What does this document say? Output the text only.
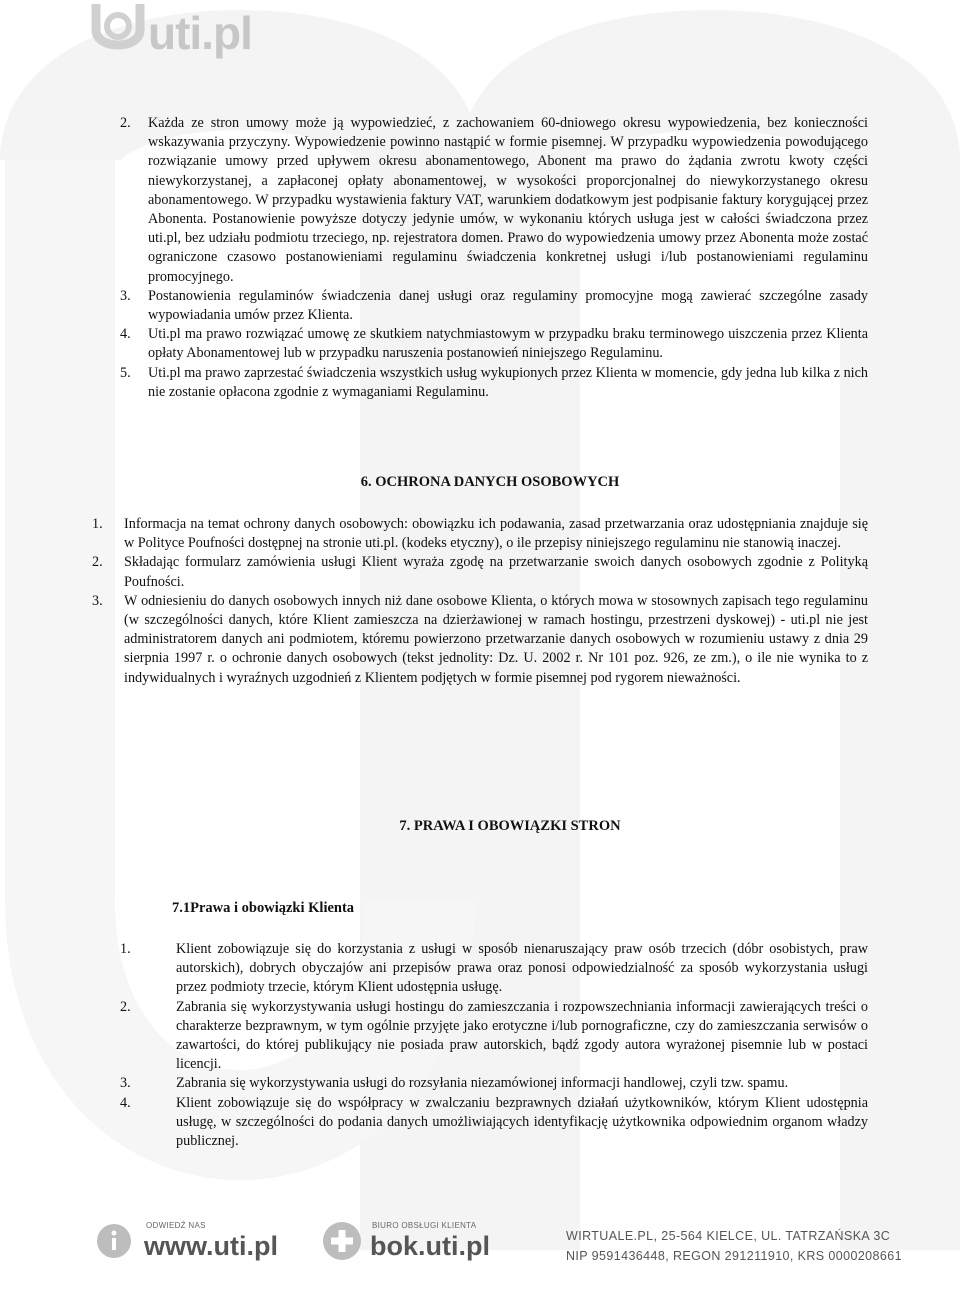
uti.pl
2. Każda ze stron umowy może ją wypowiedzieć, z zachowaniem 60-dniowego okresu wypowiedzenia, bez konieczności wskazywania przyczyny. Wypowiedzenie powinno nastąpić w formie pisemnej. W przypadku wypowiedzenia powodującego rozwiązanie umowy przed upływem okresu abonamentowego, Abonent ma prawo do żądania zwrotu kwoty części niewykorzystanej, a zapłaconej opłaty abonamentowej, w wysokości proporcjonalnej do niewykorzystanego okresu abonamentowego. W przypadku wystawienia faktury VAT, warunkiem dodatkowym jest podpisanie faktury korygującej przez Abonenta. Postanowienie powyższe dotyczy jedynie umów, w wykonaniu których usługa jest w całości świadczona przez uti.pl, bez udziału podmiotu trzeciego, np. rejestratora domen. Prawo do wypowiedzenia umowy przez Abonenta może zostać ograniczone czasowo postanowieniami regulaminu świadczenia konkretnej usługi i/lub postanowieniami regulaminu promocyjnego.
3. Postanowienia regulaminów świadczenia danej usługi oraz regulaminy promocyjne mogą zawierać szczególne zasady wypowiadania umów przez Klienta.
4. Uti.pl ma prawo rozwiązać umowę ze skutkiem natychmiastowym w przypadku braku terminowego uiszczenia przez Klienta opłaty Abonamentowej lub w przypadku naruszenia postanowień niniejszego Regulaminu.
5. Uti.pl ma prawo zaprzestać świadczenia wszystkich usług wykupionych przez Klienta w momencie, gdy jedna lub kilka z nich nie zostanie opłacona zgodnie z wymaganiami Regulaminu.
6. OCHRONA DANYCH OSOBOWYCH
1. Informacja na temat ochrony danych osobowych: obowiązku ich podawania, zasad przetwarzania oraz udostępniania znajduje się w Polityce Poufności dostępnej na stronie uti.pl. (kodeks etyczny), o ile przepisy niniejszego regulaminu nie stanowią inaczej.
2. Składając formularz zamówienia usługi Klient wyraża zgodę na przetwarzanie swoich danych osobowych zgodnie z Polityką Poufności.
3. W odniesieniu do danych osobowych innych niż dane osobowe Klienta, o których mowa w stosownych zapisach tego regulaminu (w szczególności danych, które Klient zamieszcza na dzierżawionej w ramach hostingu, przestrzeni dyskowej) - uti.pl nie jest administratorem danych ani podmiotem, któremu powierzono przetwarzanie danych osobowych w rozumieniu ustawy z dnia 29 sierpnia 1997 r. o ochronie danych osobowych (tekst jednolity: Dz. U. 2002 r. Nr 101 poz. 926, ze zm.), o ile nie wynika to z indywidualnych i wyraźnych uzgodnień z Klientem podjętych w formie pisemnej pod rygorem nieważności.
7. PRAWA I OBOWIĄZKI STRON
7.1Prawa i obowiązki Klienta
1.	Klient zobowiązuje się do korzystania z usługi w sposób nienaruszający praw osób trzecich (dóbr osobistych, praw autorskich), dobrych obyczajów ani przepisów prawa oraz ponosi odpowiedzialność za sposób wykorzystania usługi przez podmioty trzecie, którym Klient udostępnia usługę.
2.	Zabrania się wykorzystywania usługi hostingu do zamieszczania i rozpowszechniania informacji zawierających treści o charakterze bezprawnym, w tym ogólnie przyjęte jako erotyczne i/lub pornograficzne, czy do zamieszczania serwisów o zawartości, do której publikujący nie posiada praw autorskich, bądź zgody autora wyrażonej pisemnie lub w postaci licencji.
3.	Zabrania się wykorzystywania usługi do rozsyłania niezamówionej informacji handlowej, czyli tzw. spamu.
4.	Klient zobowiązuje się do współpracy w zwalczaniu bezprawnych działań użytkowników, którym Klient udostępnia usługę, w szczególności do podania danych umożliwiających identyfikację użytkownika odpowiednim organom władzy publicznej.
ODWIEDŹ NAS
www.uti.pl
BIURO OBSŁUGI KLIENTA
bok.uti.pl	WIRTUALE.PL, 25-564 KIELCE, UL. TATRZAŃSKA 3C
NIP 9591436448, REGON 291211910, KRS 0000208661
